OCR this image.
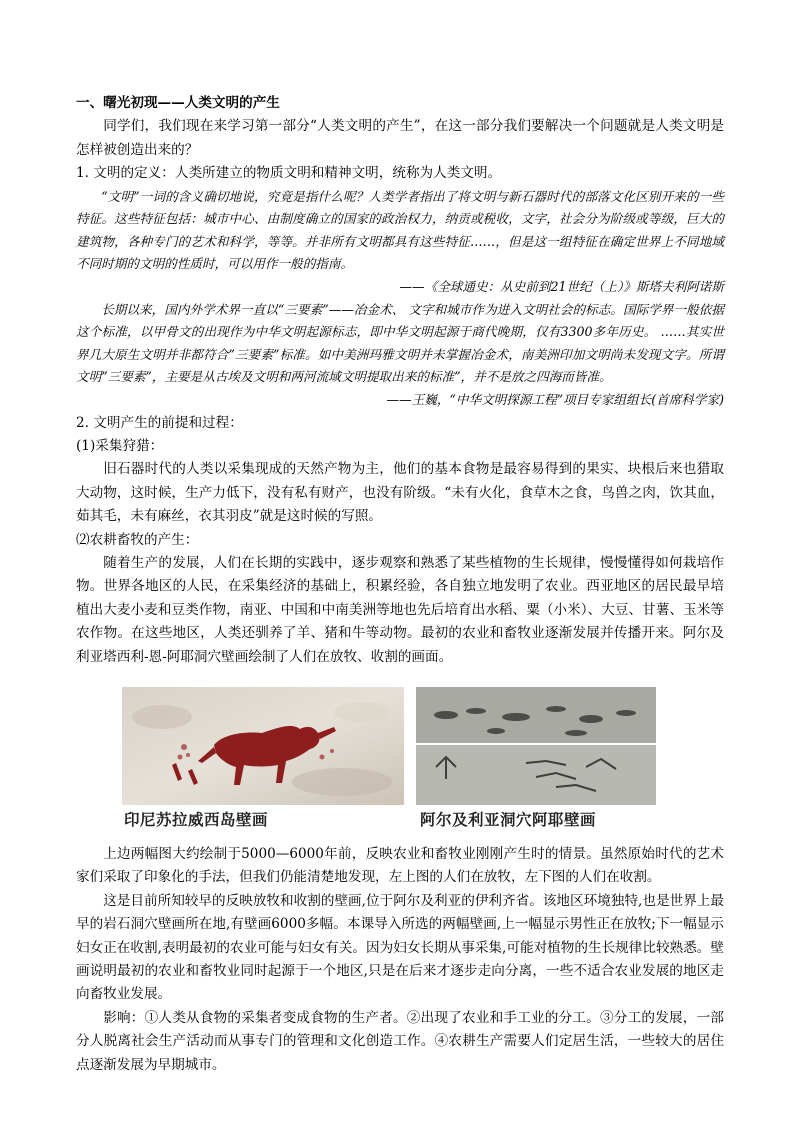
一、曙光初现——人类文明的产生

同学们，我们现在来学习第一部分“人类文明的产生”，在这一部分我们要解决一个问题就是人类文明是怎样被创造出来的？

1. 文明的定义：人类所建立的物质文明和精神文明，统称为人类文明。

“文明”一词的含义确切地说，究竟是指什么呢？人类学者指出了将文明与新石器时代的部落文化区别开来的一些特征。这些特征包括：城市中心、由制度确立的国家的政治权力，纳贡或税收，文字，社会分为阶级或等级，巨大的建筑物，各种专门的艺术和科学，等等。并非所有文明都具有这些特征……，但是这一组特征在确定世界上不同地域不同时期的文明的性质时，可以用作一般的指南。

——《全球通史：从史前到21世纪（上）》斯塔夫利阿诺斯

长期以来，国内外学术界一直以“三要素”——冶金术、 文字和城市作为进入文明社会的标志。国际学界一般依据这个标准，以甲骨文的出现作为中华文明起源标志，即中华文明起源于商代晚期，仅有3300多年历史。 ……其实世界几大原生文明并非都符合”三要素”标准。如中美洲玛雅文明并未掌握冶金术，南美洲印加文明尚未发现文字。所谓文明”三要素”，主要是从古埃及文明和两河流域文明提取出来的标准”，并不是放之四海而皆准。

——王巍，“中华文明探源工程”项目专家组组长(首席科学家)

2. 文明产生的前提和过程：

(1)采集狩猎：

旧石器时代的人类以采集现成的天然产物为主，他们的基本食物是最容易得到的果实、块根后来也猎取大动物，这时候，生产力低下，没有私有财产，也没有阶级。“未有火化，食草木之食，鸟兽之肉，饮其血，茹其毛，未有麻丝，衣其羽皮”就是这时候的写照。

⑵农耕畜牧的产生：

随着生产的发展，人们在长期的实践中，逐步观察和熟悉了某些植物的生长规律，慢慢懂得如何栽培作物。世界各地区的人民，在采集经济的基础上，积累经验，各自独立地发明了农业。西亚地区的居民最早培植出大麦小麦和豆类作物，南亚、中国和中南美洲等地也先后培育出水稻、粟（小米）、大豆、甘薯、玉米等农作物。在这些地区，人类还驯养了羊、猪和牛等动物。最初的农业和畜牧业逐渐发展并传播开来。阿尔及利亚塔西利-恩-阿耶洞穴壁画绘制了人们在放牧、收割的画面。

印尼苏拉威西岛壁画	阿尔及利亚洞穴阿耶壁画

上边两幅图大约绘制于5000—6000年前，反映农业和畜牧业刚刚产生时的情景。虽然原始时代的艺术家们采取了印象化的手法，但我们仍能清楚地发现，左上图的人们在放牧，左下图的人们在收割。

这是目前所知较早的反映放牧和收割的壁画,位于阿尔及利亚的伊利齐省。该地区环境独特,也是世界上最早的岩石洞穴壁画所在地,有壁画6000多幅。本课导入所选的两幅壁画,上一幅显示男性正在放牧;下一幅显示妇女正在收割,表明最初的农业可能与妇女有关。因为妇女长期从事采集,可能对植物的生长规律比较熟悉。壁画说明最初的农业和畜牧业同时起源于一个地区,只是在后来才逐步走向分离，一些不适合农业发展的地区走向畜牧业发展。

影响：①人类从食物的采集者变成食物的生产者。②出现了农业和手工业的分工。③分工的发展，一部分人脱离社会生产活动而从事专门的管理和文化创造工作。④农耕生产需要人们定居生活，一些较大的居住点逐渐发展为早期城市。
